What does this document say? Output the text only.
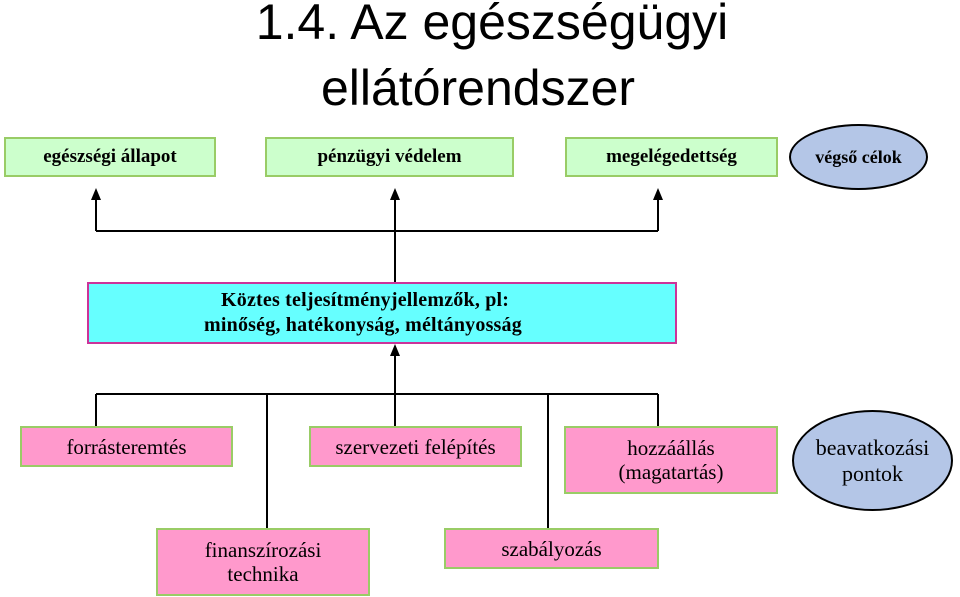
1.4. Az egészségügyi
ellátórendszer
egészségi állapot	pénzügyi védelem	megelégedettség	végső célok
Köztes teljesítményjellemzők, pl:
minőség, hatékonyság, méltányosság
forrásteremtés	szervezeti felépítés	hozzáállás
(magatartás)
beavatkozási
pontok
finanszírozási
technika
szabályozás
